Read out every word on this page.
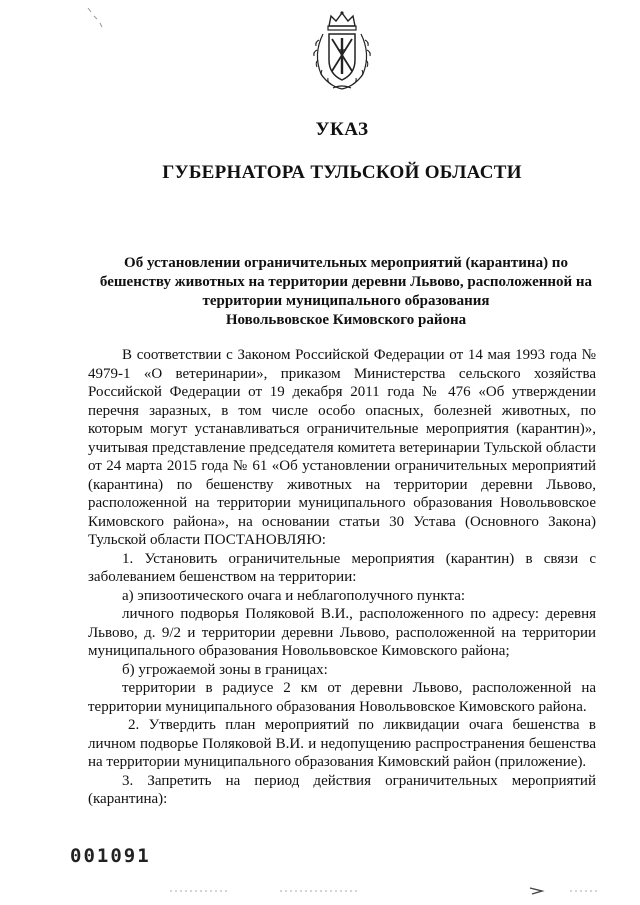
УКАЗ
ГУБЕРНАТОРА ТУЛЬСКОЙ ОБЛАСТИ
Об установлении ограничительных мероприятий (карантина) по
бешенству животных на территории деревни Львово, расположенной на
территории муниципального образования
Новольвовское Кимовского района

В соответствии с Законом Российской Федерации от 14 мая 1993 года № 4979-1 «О ветеринарии», приказом Министерства сельского хозяйства Российской Федерации от 19 декабря 2011 года № 476 «Об утверждении перечня заразных, в том числе особо опасных, болезней животных, по которым могут устанавливаться ограничительные мероприятия (карантин)», учитывая представление председателя комитета ветеринарии Тульской области от 24 марта 2015 года № 61 «Об установлении ограничительных мероприятий (карантина) по бешенству животных на территории деревни Львово, расположенной на территории муниципального образования Новольвовское Кимовского района», на основании статьи 30 Устава (Основного Закона) Тульской области ПОСТАНОВЛЯЮ:

1. Установить ограничительные мероприятия (карантин) в связи с заболеванием бешенством на территории:

а) эпизоотического очага и неблагополучного пункта:

личного подворья Поляковой В.И., расположенного по адресу: деревня Львово, д. 9/2 и территории деревни Львово, расположенной на территории муниципального образования Новольвовское Кимовского района;

б) угрожаемой зоны в границах:

территории в радиусе 2 км от деревни Львово, расположенной на территории муниципального образования Новольвовское Кимовского района.

2. Утвердить план мероприятий по ликвидации очага бешенства в личном подворье Поляковой В.И. и недопущению распространения бешенства на территории муниципального образования Кимовский район (приложение).

3. Запретить на период действия ограничительных мероприятий (карантина):

001091
